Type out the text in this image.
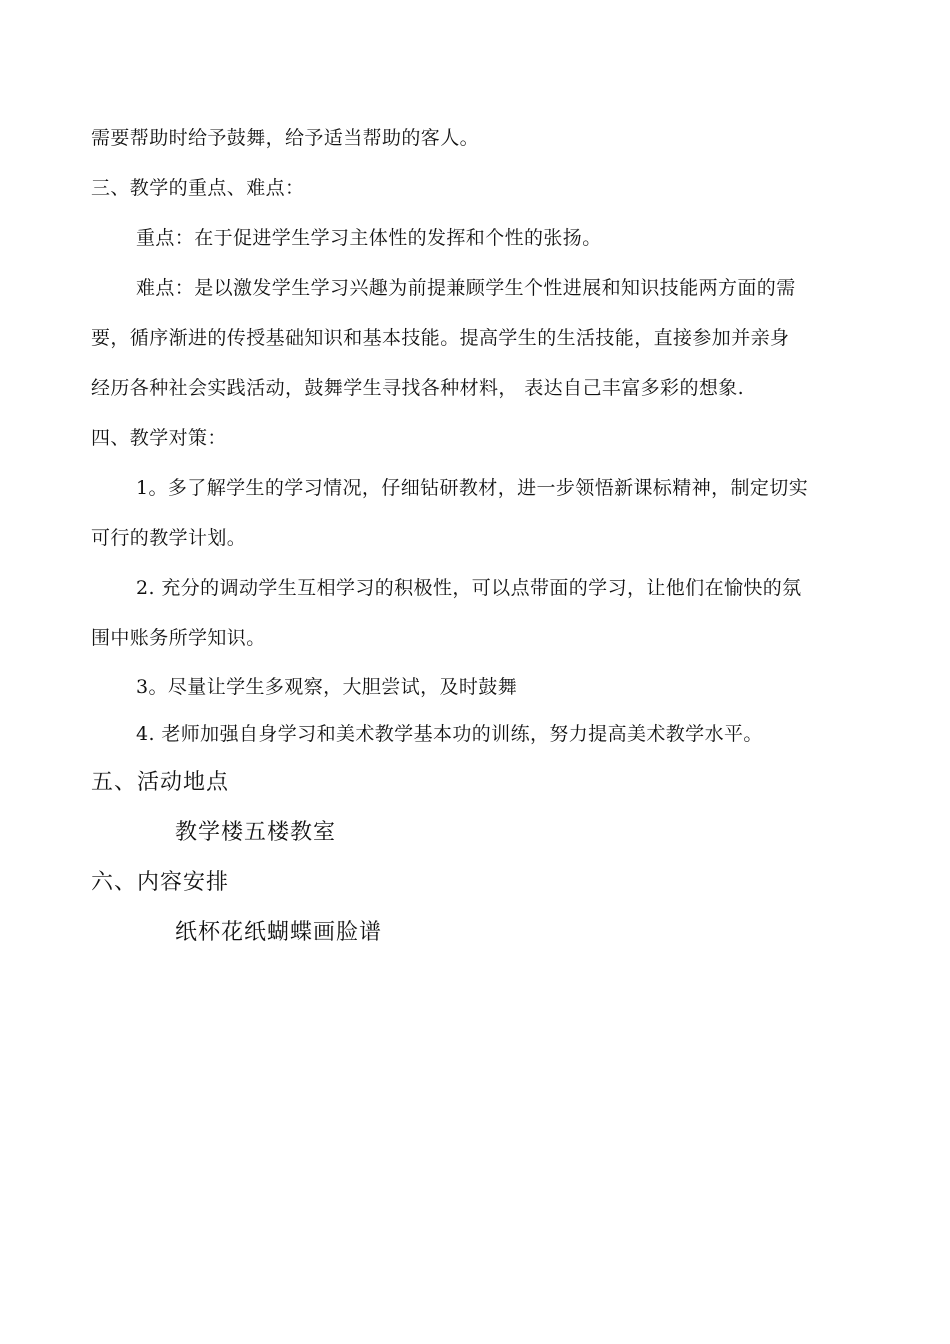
需要帮助时给予鼓舞，给予适当帮助的客人。
三、教学的重点、难点：
重点：在于促进学生学习主体性的发挥和个性的张扬。
难点：是以激发学生学习兴趣为前提兼顾学生个性进展和知识技能两方面的需
要，循序渐进的传授基础知识和基本技能。提高学生的生活技能，直接参加并亲身
经历各种社会实践活动，鼓舞学生寻找各种材料， 表达自己丰富多彩的想象.
四、教学对策：
1。多了解学生的学习情况，仔细钻研教材，进一步领悟新课标精神，制定切实
可行的教学计划。
2. 充分的调动学生互相学习的积极性，可以点带面的学习，让他们在愉快的氛
围中账务所学知识。
3。尽量让学生多观察，大胆尝试，及时鼓舞
4. 老师加强自身学习和美术教学基本功的训练，努力提高美术教学水平。
五、活动地点
教学楼五楼教室
六、内容安排
纸杯花纸蝴蝶画脸谱
